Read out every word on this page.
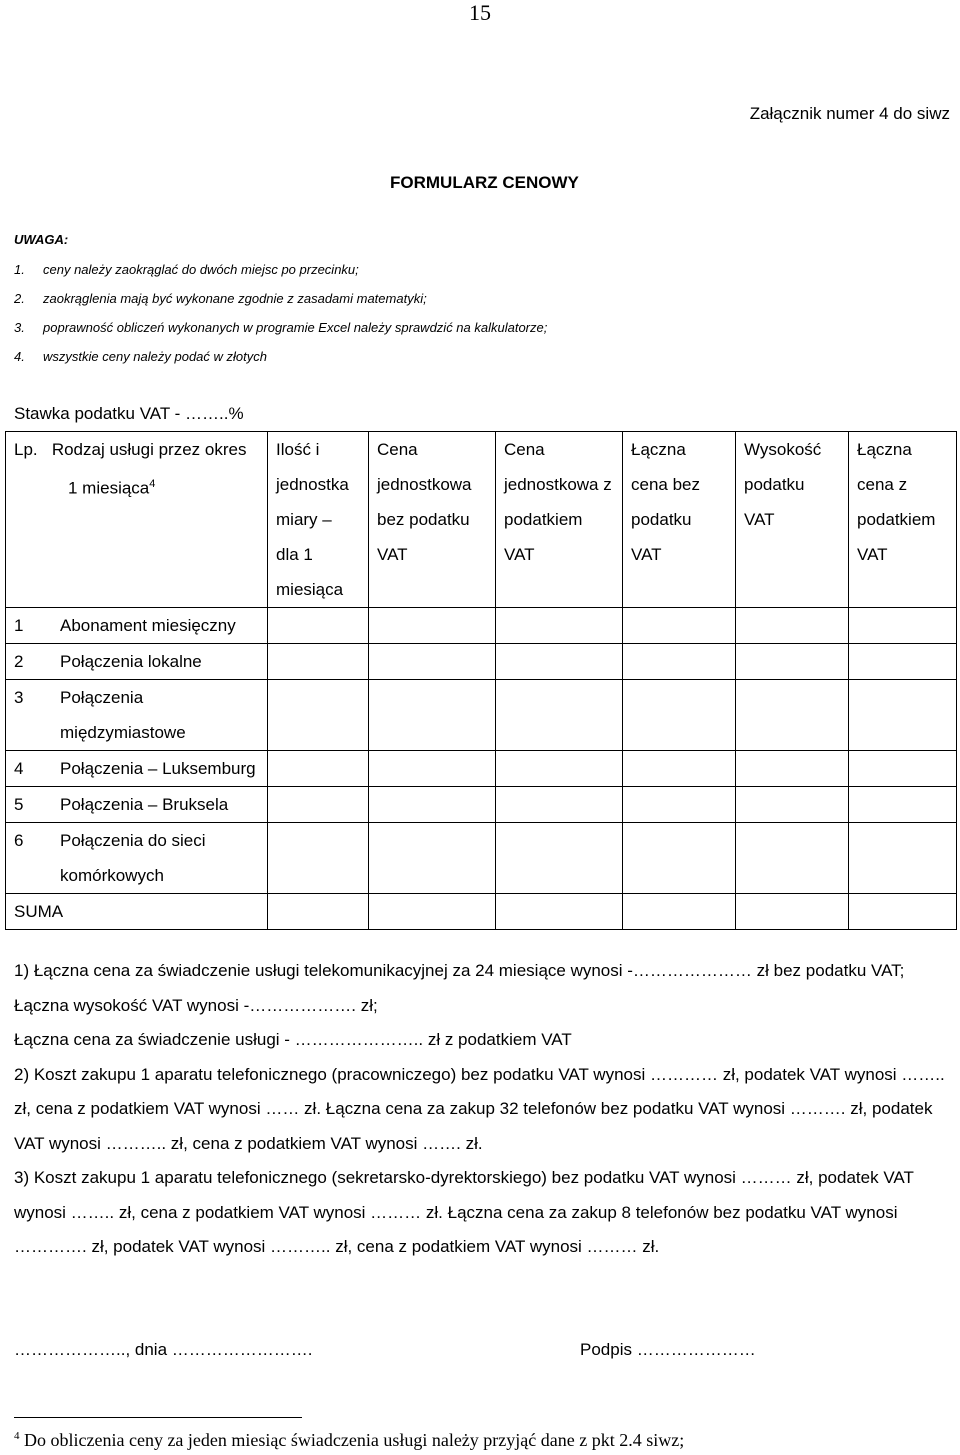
15
Załącznik numer 4 do siwz
FORMULARZ CENOWY
UWAGA:
1.	ceny należy zaokrąglać do dwóch miejsc po przecinku;
2.	zaokrąglenia mają być wykonane zgodnie z zasadami matematyki;
3.	poprawność obliczeń wykonanych w programie Excel należy sprawdzić na kalkulatorze;
4.	wszystkie ceny należy podać w złotych
Stawka podatku VAT - ……..%
Lp. Rodzaj usługi przez okres
1 miesiąca$^4$	Ilość i
jednostka
miary –
dla 1
miesiąca	Cena
jednostkowa
bez podatku
VAT	Cena
jednostkowa z
podatkiem
VAT	Łączna
cena bez
podatku
VAT	Wysokość
podatku
VAT	Łączna
cena z
podatkiem
VAT

1 Abonament miesięczny						
2 Połączenia lokalne						

3 Połączenia międzymiastowe						

4 Połączenia – Luksemburg						
5 Połączenia – Bruksela						

6 Połączenia do sieci komórkowych						

SUMA						
1) Łączna cena za świadczenie usługi telekomunikacyjnej za 24 miesiące wynosi -………………… zł bez podatku VAT;
Łączna wysokość VAT wynosi -………………. zł;
Łączna cena za świadczenie usługi - ………………….. zł z podatkiem VAT
2) Koszt zakupu 1 aparatu telefonicznego (pracowniczego) bez podatku VAT wynosi ………… zł, podatek VAT wynosi ……..
zł, cena z podatkiem VAT wynosi …… zł. Łączna cena za zakup 32 telefonów bez podatku VAT wynosi ………. zł, podatek
VAT wynosi ……….. zł, cena z podatkiem VAT wynosi ……. zł.
3) Koszt zakupu 1 aparatu telefonicznego (sekretarsko-dyrektorskiego) bez podatku VAT wynosi ……… zł, podatek VAT
wynosi …….. zł, cena z podatkiem VAT wynosi ……… zł. Łączna cena za zakup 8 telefonów bez podatku VAT wynosi
…………. zł, podatek VAT wynosi ……….. zł, cena z podatkiem VAT wynosi ……… zł.
……………….., dnia …………………….	Podpis …………………
$^4$ Do obliczenia ceny za jeden miesiąc świadczenia usługi należy przyjąć dane z pkt 2.4 siwz;
